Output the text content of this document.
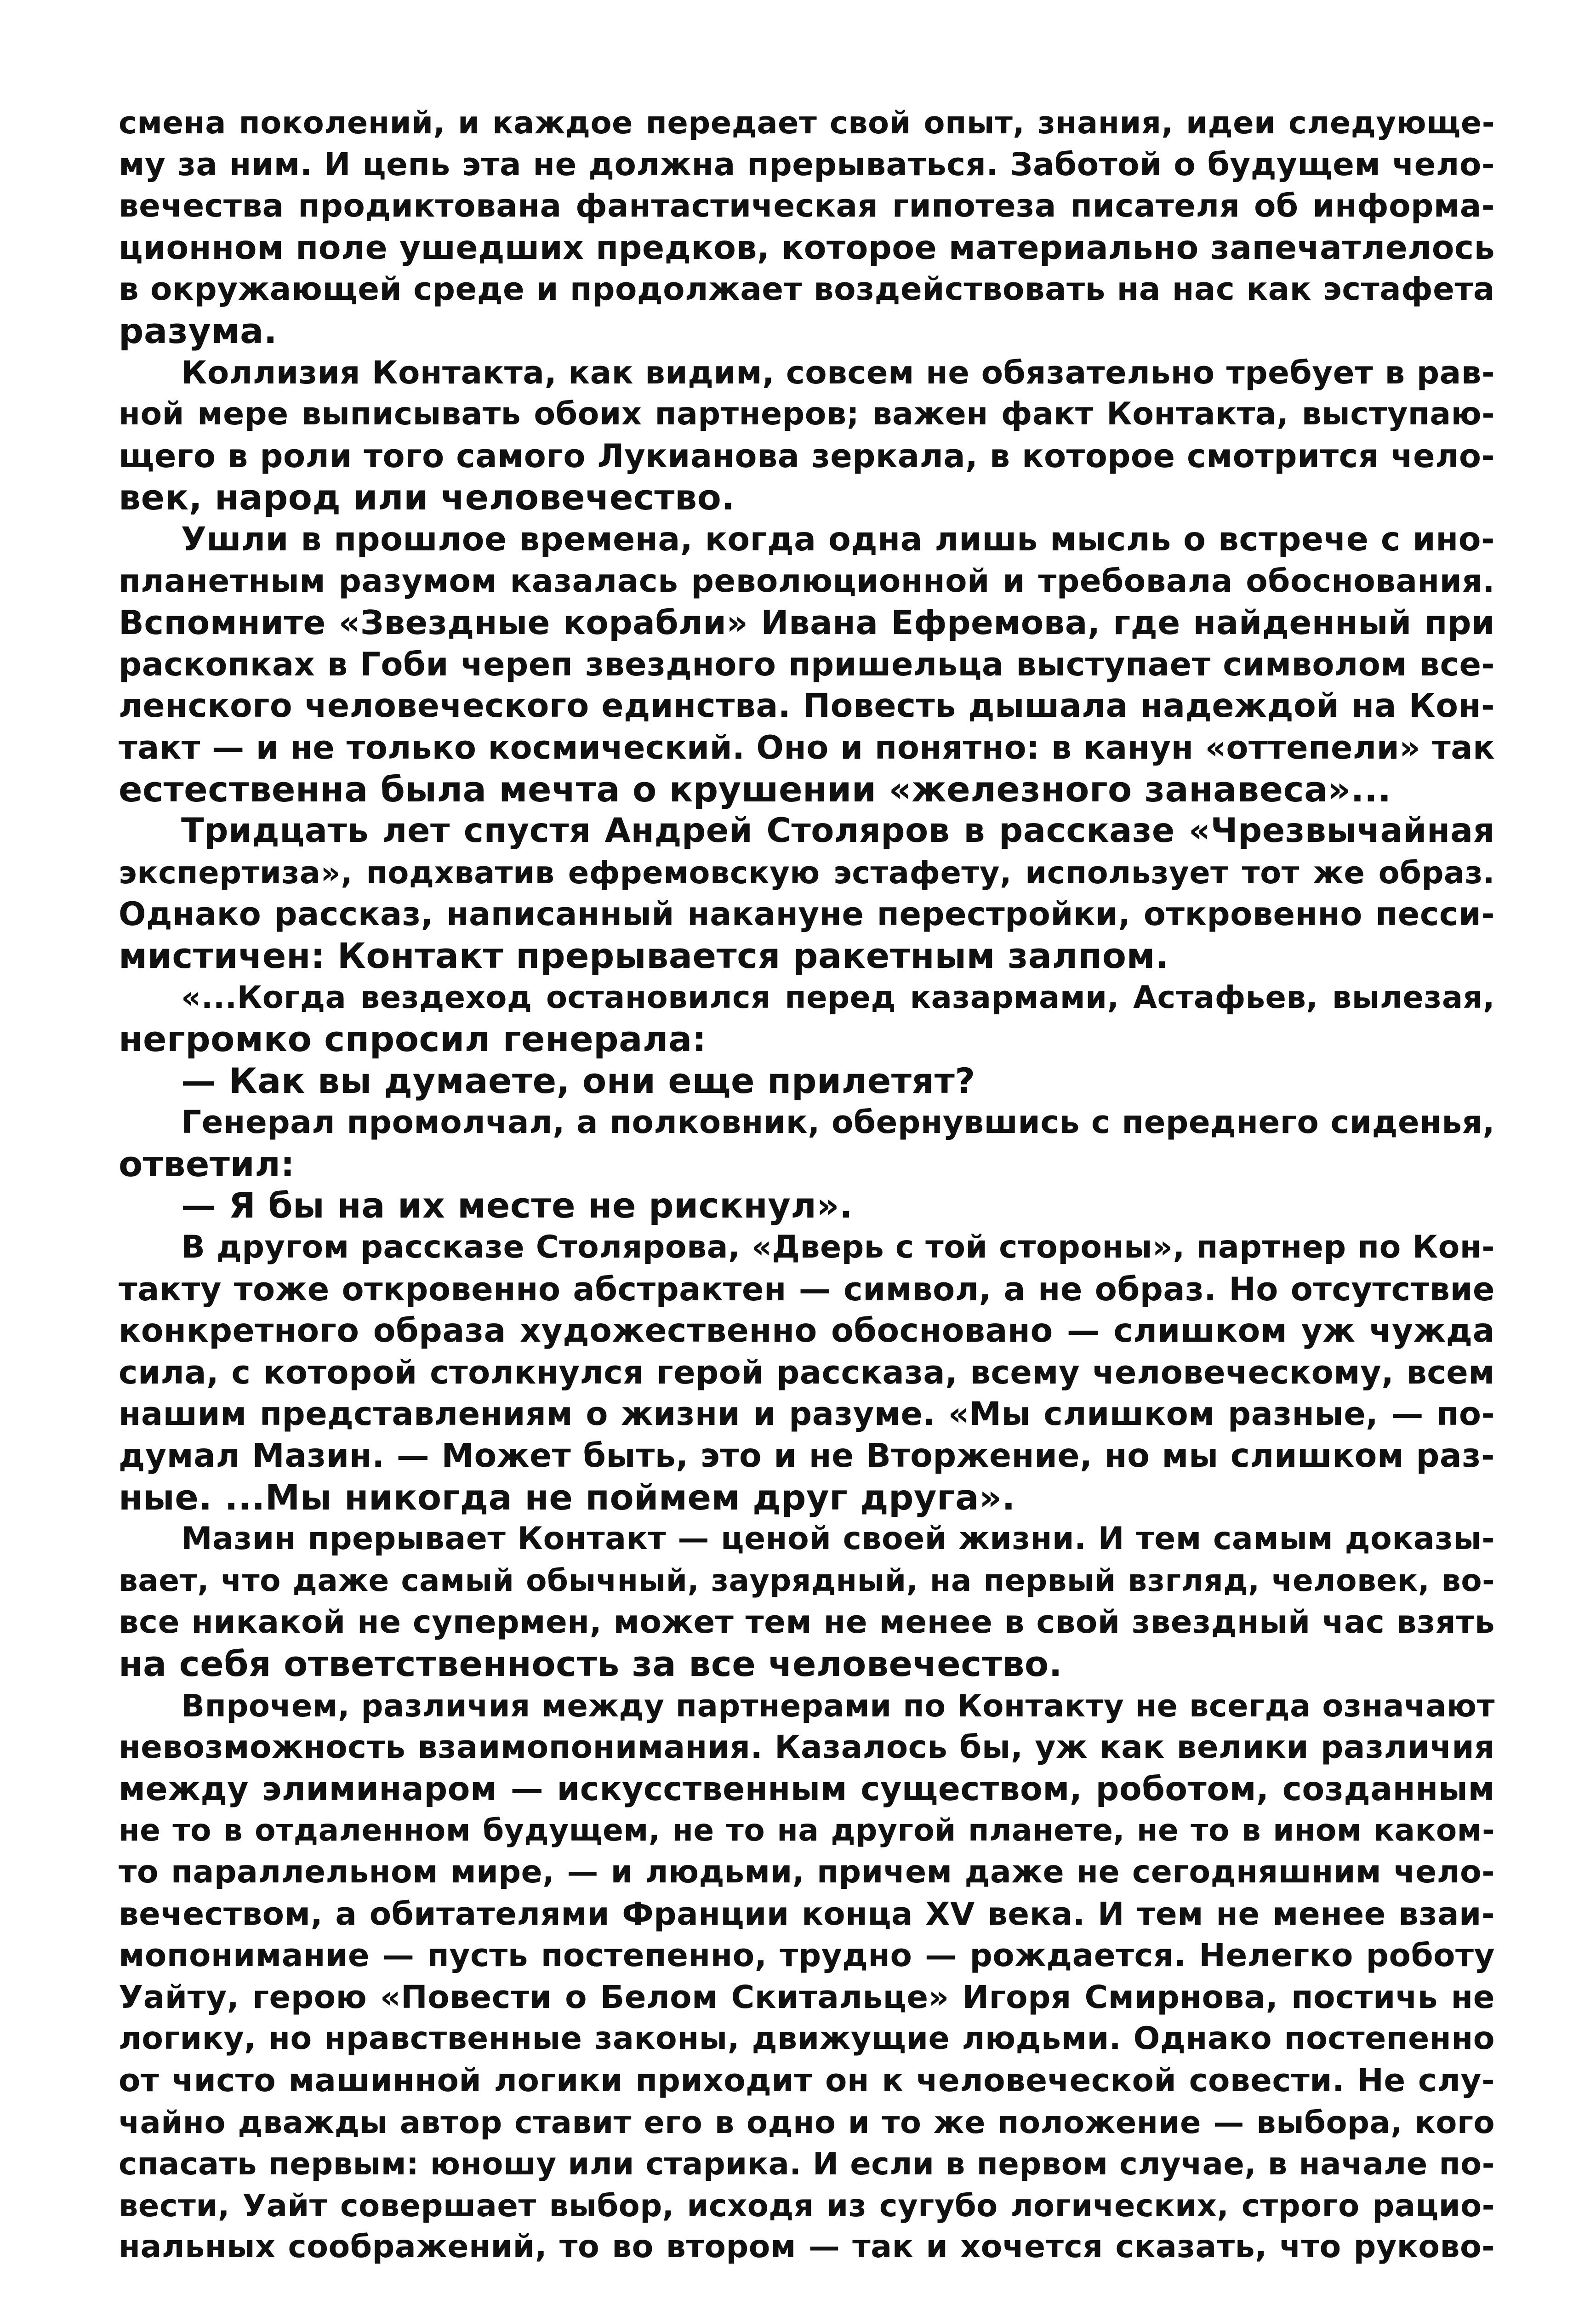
смена поколений, и каждое передает свой опыт, знания, идеи следующе-
му за ним. И цепь эта не должна прерываться. Заботой о будущем чело-
вечества продиктована фантастическая гипотеза писателя об информа-
ционном поле ушедших предков, которое материально запечатлелось
в окружающей среде и продолжает воздействовать на нас как эстафета
разума.
Коллизия Контакта, как видим, совсем не обязательно требует в рав-
ной мере выписывать обоих партнеров; важен факт Контакта, выступаю-
щего в роли того самого Лукианова зеркала, в которое смотрится чело-
век, народ или человечество.
Ушли в прошлое времена, когда одна лишь мысль о встрече с ино-
планетным разумом казалась революционной и требовала обоснования.
Вспомните «Звездные корабли» Ивана Ефремова, где найденный при
раскопках в Гоби череп звездного пришельца выступает символом все-
ленского человеческого единства. Повесть дышала надеждой на Кон-
такт — и не только космический. Оно и понятно: в канун «оттепели» так
естественна была мечта о крушении «железного занавеса»...
Тридцать лет спустя Андрей Столяров в рассказе «Чрезвычайная
экспертиза», подхватив ефремовскую эстафету, использует тот же образ.
Однако рассказ, написанный накануне перестройки, откровенно песси-
мистичен: Контакт прерывается ракетным залпом.
«...Когда вездеход остановился перед казармами, Астафьев, вылезая,
негромко спросил генерала:
— Как вы думаете, они еще прилетят?
Генерал промолчал, а полковник, обернувшись с переднего сиденья,
ответил:
— Я бы на их месте не рискнул».
В другом рассказе Столярова, «Дверь с той стороны», партнер по Кон-
такту тоже откровенно абстрактен — символ, а не образ. Но отсутствие
конкретного образа художественно обосновано — слишком уж чужда
сила, с которой столкнулся герой рассказа, всему человеческому, всем
нашим представлениям о жизни и разуме. «Мы слишком разные, — по-
думал Мазин. — Может быть, это и не Вторжение, но мы слишком раз-
ные. ...Мы никогда не поймем друг друга».
Мазин прерывает Контакт — ценой своей жизни. И тем самым доказы-
вает, что даже самый обычный, заурядный, на первый взгляд, человек, во-
все никакой не супермен, может тем не менее в свой звездный час взять
на себя ответственность за все человечество.
Впрочем, различия между партнерами по Контакту не всегда означают
невозможность взаимопонимания. Казалось бы, уж как велики различия
между элиминаром — искусственным существом, роботом, созданным
не то в отдаленном будущем, не то на другой планете, не то в ином каком-
то параллельном мире, — и людьми, причем даже не сегодняшним чело-
вечеством, а обитателями Франции конца XV века. И тем не менее взаи-
мопонимание — пусть постепенно, трудно — рождается. Нелегко роботу
Уайту, герою «Повести о Белом Скитальце» Игоря Смирнова, постичь не
логику, но нравственные законы, движущие людьми. Однако постепенно
от чисто машинной логики приходит он к человеческой совести. Не слу-
чайно дважды автор ставит его в одно и то же положение — выбора, кого
спасать первым: юношу или старика. И если в первом случае, в начале по-
вести, Уайт совершает выбор, исходя из сугубо логических, строго рацио-
нальных соображений, то во втором — так и хочется сказать, что руково-
